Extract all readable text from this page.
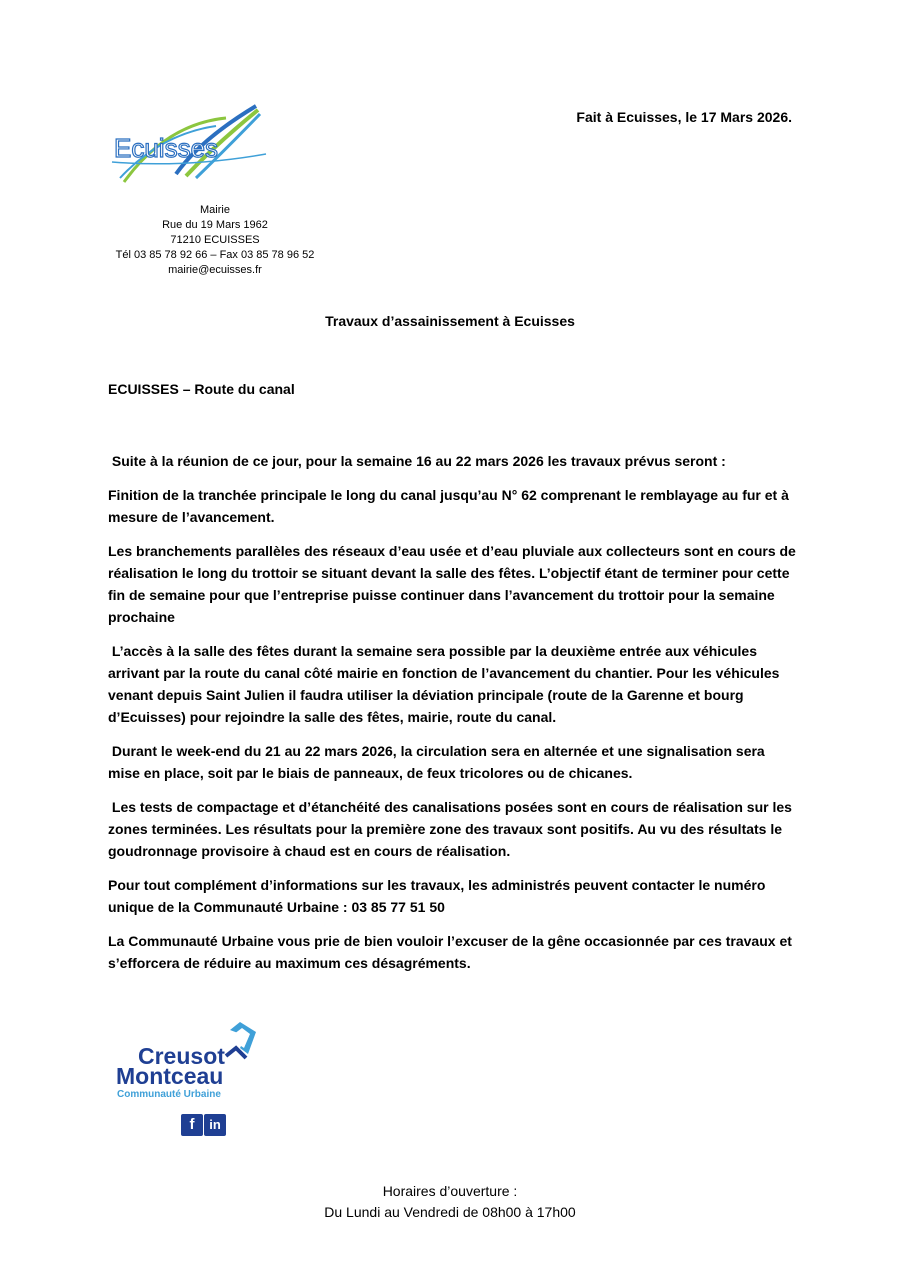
Ecuisses
Fait à Ecuisses, le 17 Mars 2026.
Mairie
Rue du 19 Mars 1962
71210 ECUISSES
Tél 03 85 78 92 66 – Fax 03 85 78 96 52
mairie@ecuisses.fr
Travaux d’assainissement à Ecuisses
ECUISSES – Route du canal

Suite à la réunion de ce jour, pour la semaine 16 au 22 mars 2026 les travaux prévus seront :

Finition de la tranchée principale le long du canal jusqu’au N° 62 comprenant le remblayage au fur et à mesure de l’avancement.

Les branchements parallèles des réseaux d’eau usée et d’eau pluviale aux collecteurs sont en cours de réalisation le long du trottoir se situant devant la salle des fêtes. L’objectif étant de terminer pour cette fin de semaine pour que l’entreprise puisse continuer dans l’avancement du trottoir pour la semaine prochaine

L’accès à la salle des fêtes durant la semaine sera possible par la deuxième entrée aux véhicules arrivant par la route du canal côté mairie en fonction de l’avancement du chantier. Pour les véhicules venant depuis Saint Julien il faudra utiliser la déviation principale (route de la Garenne et bourg d’Ecuisses) pour rejoindre la salle des fêtes, mairie, route du canal.

Durant le week-end du 21 au 22 mars 2026, la circulation sera en alternée et une signalisation sera mise en place, soit par le biais de panneaux, de feux tricolores ou de chicanes.

Les tests de compactage et d’étanchéité des canalisations posées sont en cours de réalisation sur les zones terminées. Les résultats pour la première zone des travaux sont positifs. Au vu des résultats le goudronnage provisoire à chaud est en cours de réalisation.

Pour tout complément d’informations sur les travaux, les administrés peuvent contacter le numéro unique de la Communauté Urbaine : 03 85 77 51 50

La Communauté Urbaine vous prie de bien vouloir l’excuser de la gêne occasionnée par ces travaux et s’efforcera de réduire au maximum ces désagréments.

Creusot
Montceau
Communauté Urbaine
f in
Horaires d’ouverture :
Du Lundi au Vendredi de 08h00 à 17h00
